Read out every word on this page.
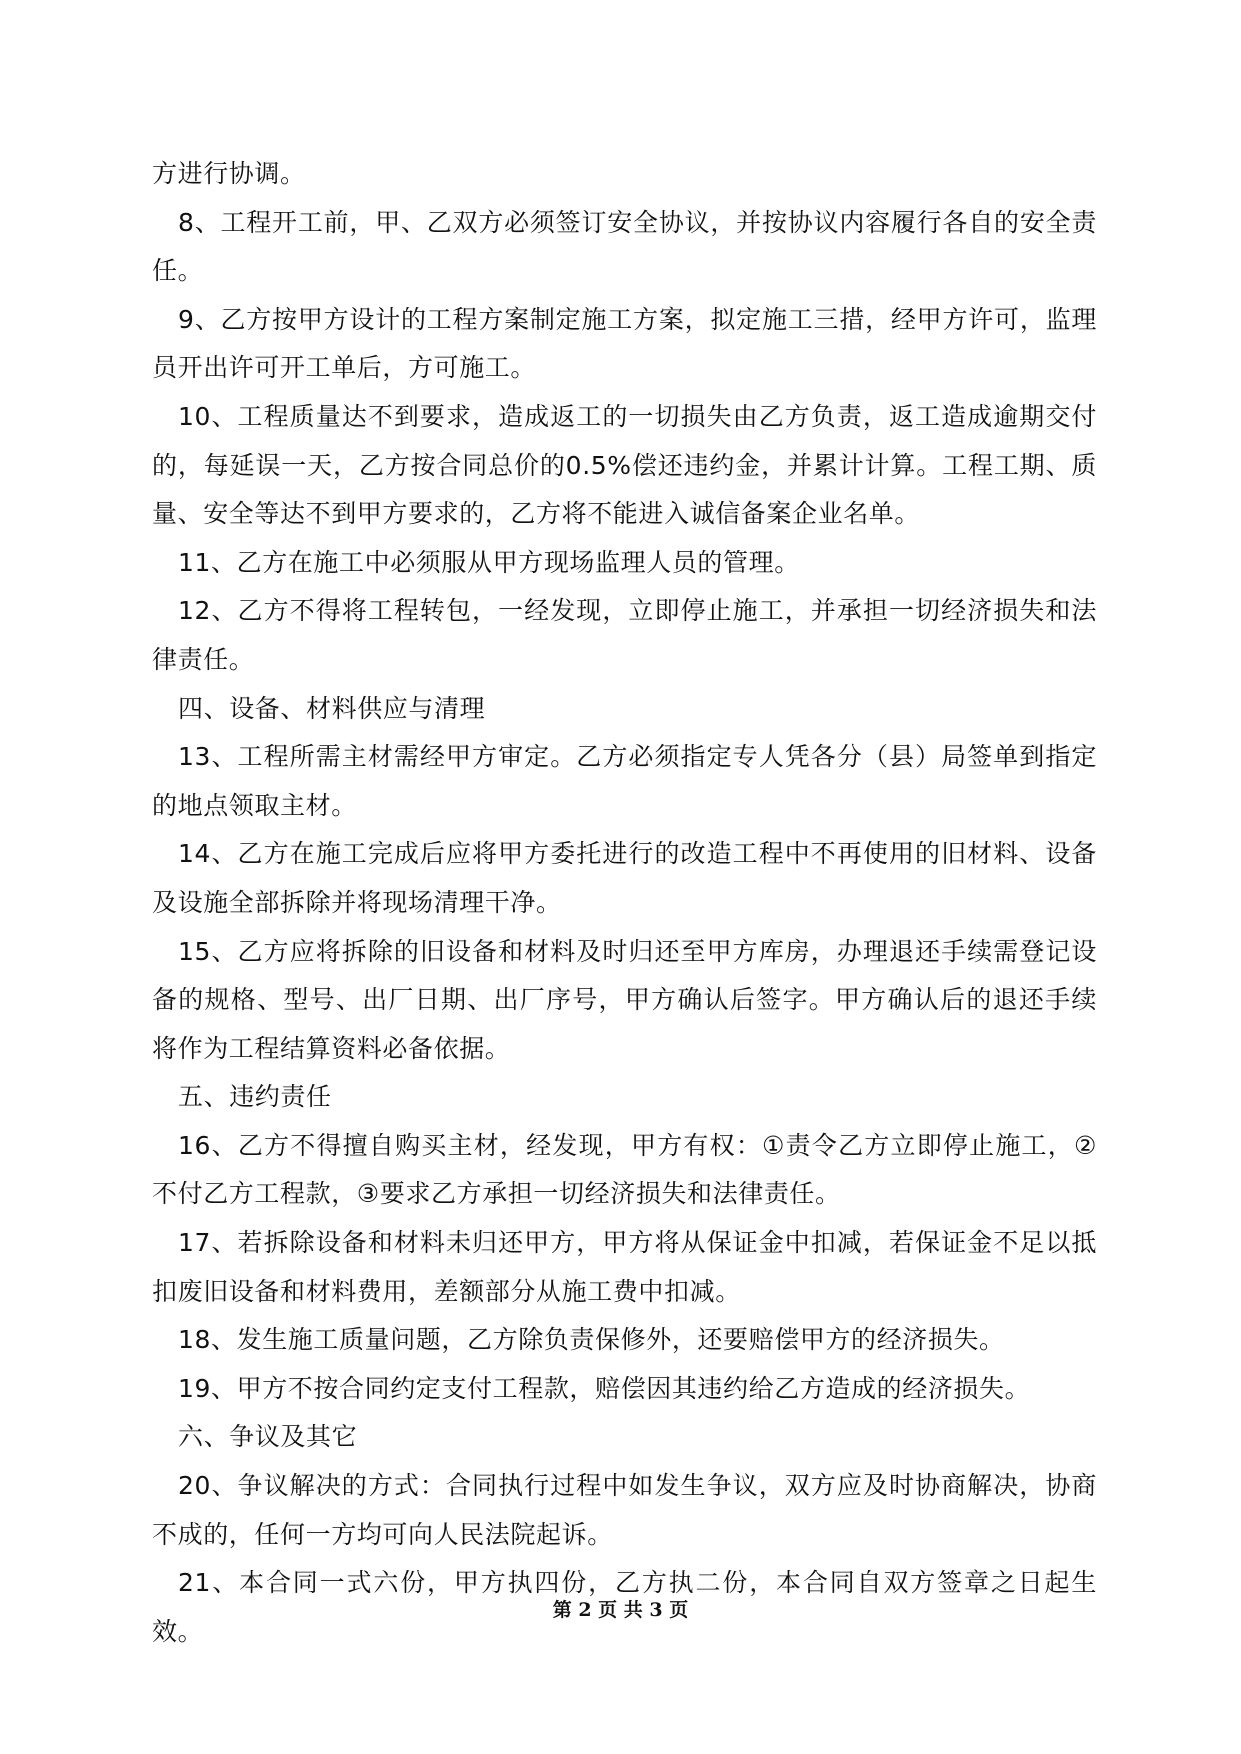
方进行协调。

8、工程开工前，甲、乙双方必须签订安全协议，并按协议内容履行各自的安全责任。

9、乙方按甲方设计的工程方案制定施工方案，拟定施工三措，经甲方许可，监理员开出许可开工单后，方可施工。

10、工程质量达不到要求，造成返工的一切损失由乙方负责，返工造成逾期交付的，每延误一天，乙方按合同总价的0.5%偿还违约金，并累计计算。工程工期、质量、安全等达不到甲方要求的，乙方将不能进入诚信备案企业名单。

11、乙方在施工中必须服从甲方现场监理人员的管理。

12、乙方不得将工程转包，一经发现，立即停止施工，并承担一切经济损失和法律责任。

四、设备、材料供应与清理

13、工程所需主材需经甲方审定。乙方必须指定专人凭各分（县）局签单到指定的地点领取主材。

14、乙方在施工完成后应将甲方委托进行的改造工程中不再使用的旧材料、设备及设施全部拆除并将现场清理干净。

15、乙方应将拆除的旧设备和材料及时归还至甲方库房，办理退还手续需登记设备的规格、型号、出厂日期、出厂序号，甲方确认后签字。甲方确认后的退还手续将作为工程结算资料必备依据。

五、违约责任

16、乙方不得擅自购买主材，经发现，甲方有权：①责令乙方立即停止施工，②不付乙方工程款，③要求乙方承担一切经济损失和法律责任。

17、若拆除设备和材料未归还甲方，甲方将从保证金中扣减，若保证金不足以抵扣废旧设备和材料费用，差额部分从施工费中扣减。

18、发生施工质量问题，乙方除负责保修外，还要赔偿甲方的经济损失。

19、甲方不按合同约定支付工程款，赔偿因其违约给乙方造成的经济损失。

六、争议及其它

20、争议解决的方式：合同执行过程中如发生争议，双方应及时协商解决，协商不成的，任何一方均可向人民法院起诉。

21、本合同一式六份，甲方执四份，乙方执二份，本合同自双方签章之日起生效。

第 2 页 共 3 页
